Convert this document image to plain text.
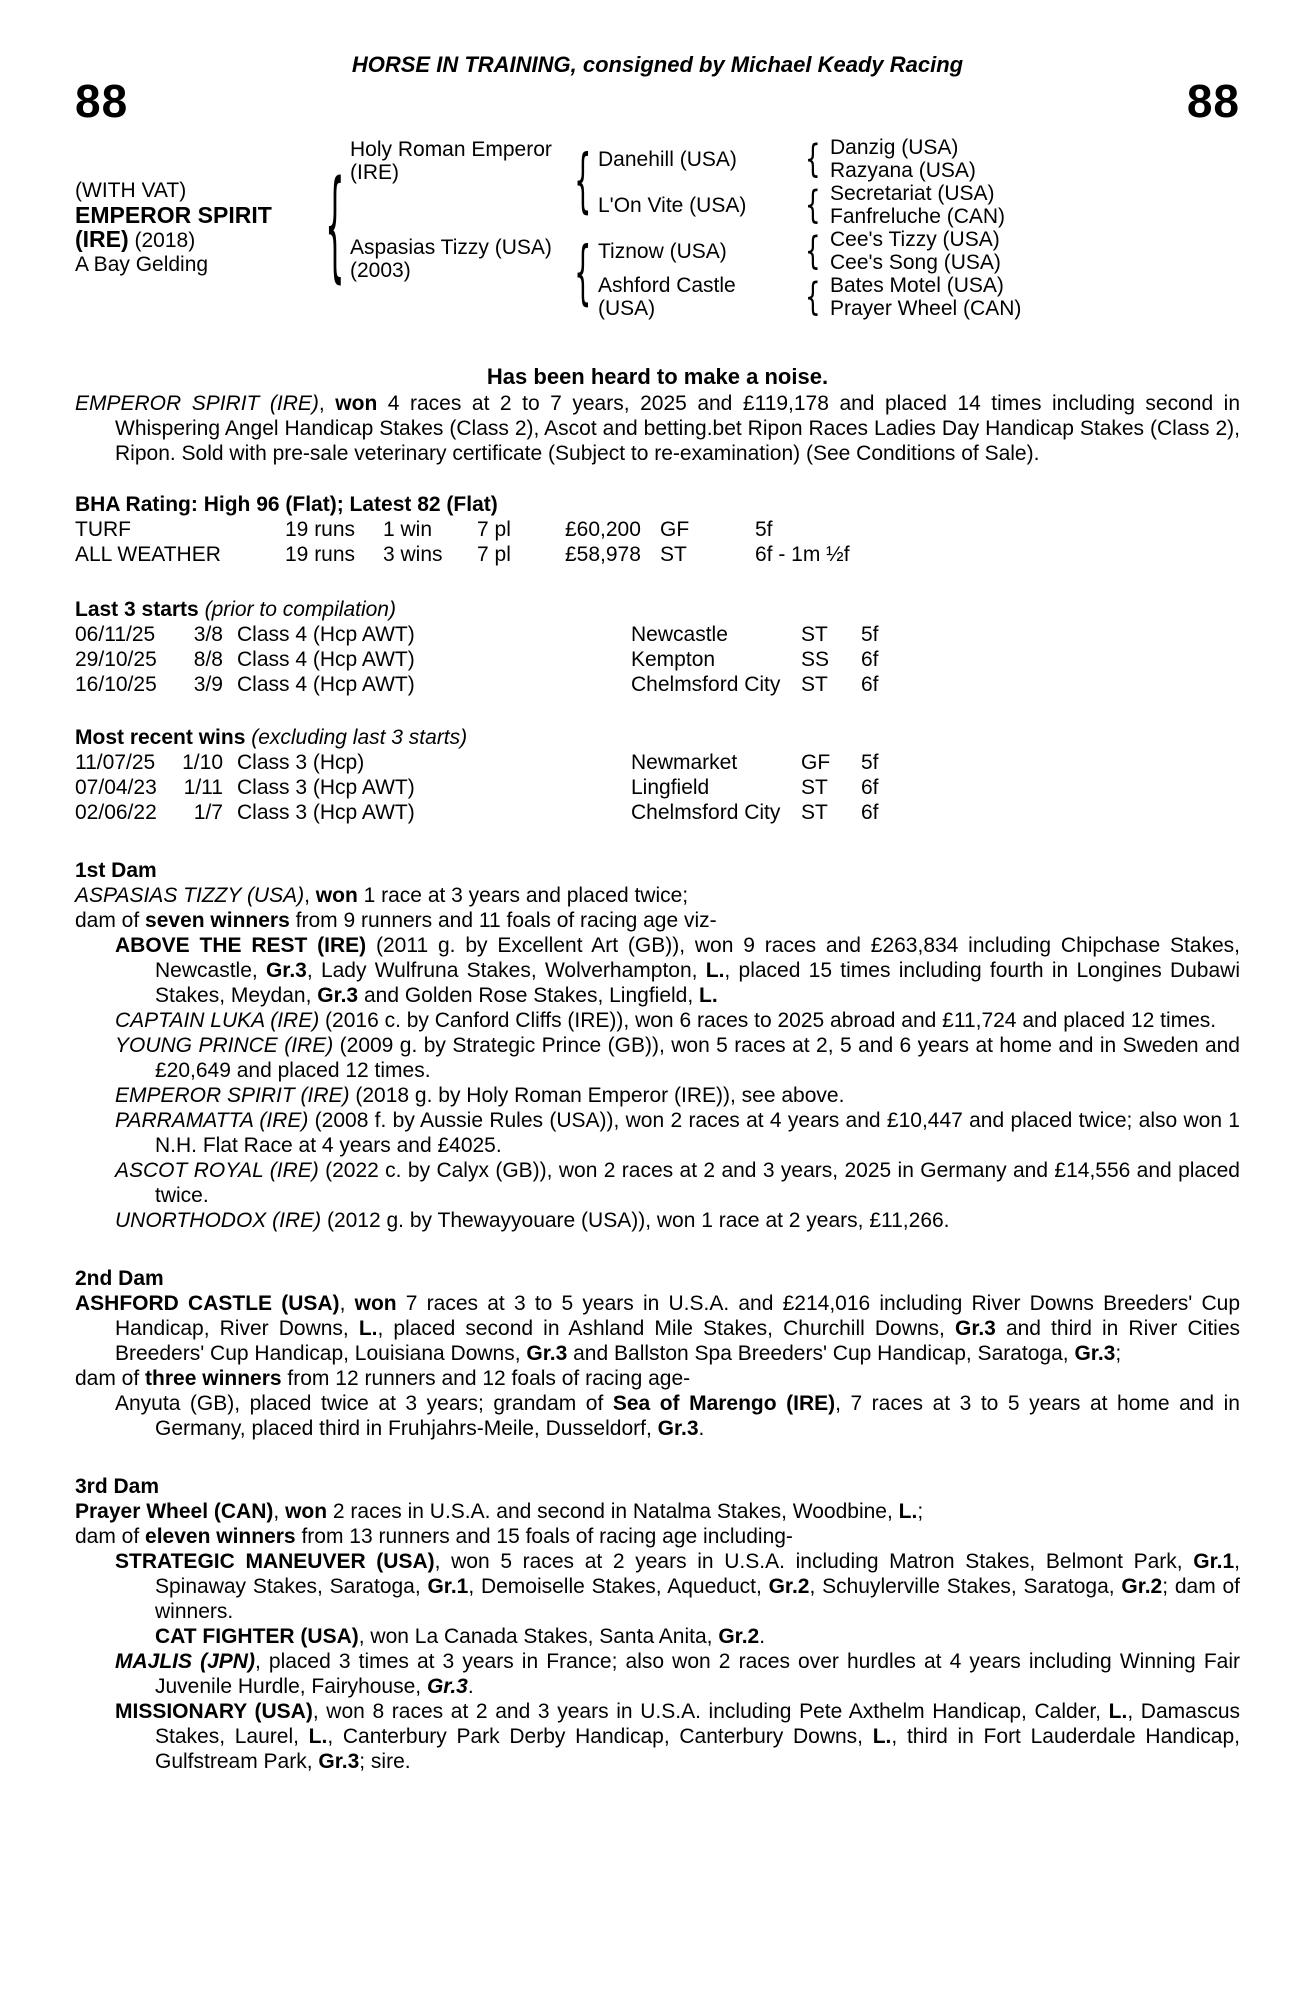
HORSE IN TRAINING, consigned by Michael Keady Racing
88	88
(WITH VAT)
EMPEROR SPIRIT
(IRE) (2018)
A Bay Gelding
{
Holy Roman Emperor (IRE)
Aspasias Tizzy (USA) (2003)
{
{
Danehill (USA)
L'On Vite (USA)
Tiznow (USA)
Ashford Castle (USA)
{
{
{
{
Danzig (USA)
Razyana (USA)
Secretariat (USA)
Fanfreluche (CAN)
Cee's Tizzy (USA)
Cee's Song (USA)
Bates Motel (USA)
Prayer Wheel (CAN)
Has been heard to make a noise.

EMPEROR SPIRIT (IRE), won 4 races at 2 to 7 years, 2025 and £119,178 and placed 14 times including second in Whispering Angel Handicap Stakes (Class 2), Ascot and betting.bet Ripon Races Ladies Day Handicap Stakes (Class 2), Ripon. Sold with pre-sale veterinary certificate (Subject to re-examination) (See Conditions of Sale).

BHA Rating: High 96 (Flat); Latest 82 (Flat)
TURF	19 runs	1 win	7 pl	£60,200 GF	5f
ALL WEATHER	19 runs	3 wins	7 pl	£58,978 ST	6f - 1m ½f
Last 3 starts (prior to compilation)
06/11/25	3/8 Class 4 (Hcp AWT)	Newcastle	ST	5f
29/10/25	8/8 Class 4 (Hcp AWT)	Kempton	SS	6f
16/10/25	3/9 Class 4 (Hcp AWT)	Chelmsford City ST	6f
Most recent wins (excluding last 3 starts)
11/07/25	1/10 Class 3 (Hcp)	Newmarket	GF	5f
07/04/23	1/11 Class 3 (Hcp AWT)	Lingfield	ST	6f
02/06/22	1/7 Class 3 (Hcp AWT)	Chelmsford City ST	6f
1st Dam

ASPASIAS TIZZY (USA), won 1 race at 3 years and placed twice;

dam of seven winners from 9 runners and 11 foals of racing age viz-

ABOVE THE REST (IRE) (2011 g. by Excellent Art (GB)), won 9 races and £263,834 including Chipchase Stakes, Newcastle, Gr.3, Lady Wulfruna Stakes, Wolverhampton, L., placed 15 times including fourth in Longines Dubawi Stakes, Meydan, Gr.3 and Golden Rose Stakes, Lingfield, L.

CAPTAIN LUKA (IRE) (2016 c. by Canford Cliffs (IRE)), won 6 races to 2025 abroad and £11,724 and placed 12 times.

YOUNG PRINCE (IRE) (2009 g. by Strategic Prince (GB)), won 5 races at 2, 5 and 6 years at home and in Sweden and £20,649 and placed 12 times.

EMPEROR SPIRIT (IRE) (2018 g. by Holy Roman Emperor (IRE)), see above.

PARRAMATTA (IRE) (2008 f. by Aussie Rules (USA)), won 2 races at 4 years and £10,447 and placed twice; also won 1 N.H. Flat Race at 4 years and £4025.

ASCOT ROYAL (IRE) (2022 c. by Calyx (GB)), won 2 races at 2 and 3 years, 2025 in Germany and £14,556 and placed twice.

UNORTHODOX (IRE) (2012 g. by Thewayyouare (USA)), won 1 race at 2 years, £11,266.

2nd Dam

ASHFORD CASTLE (USA), won 7 races at 3 to 5 years in U.S.A. and £214,016 including River Downs Breeders' Cup Handicap, River Downs, L., placed second in Ashland Mile Stakes, Churchill Downs, Gr.3 and third in River Cities Breeders' Cup Handicap, Louisiana Downs, Gr.3 and Ballston Spa Breeders' Cup Handicap, Saratoga, Gr.3;

dam of three winners from 12 runners and 12 foals of racing age-

Anyuta (GB), placed twice at 3 years; grandam of Sea of Marengo (IRE), 7 races at 3 to 5 years at home and in Germany, placed third in Fruhjahrs-Meile, Dusseldorf, Gr.3.

3rd Dam

Prayer Wheel (CAN), won 2 races in U.S.A. and second in Natalma Stakes, Woodbine, L.;

dam of eleven winners from 13 runners and 15 foals of racing age including-

STRATEGIC MANEUVER (USA), won 5 races at 2 years in U.S.A. including Matron Stakes, Belmont Park, Gr.1, Spinaway Stakes, Saratoga, Gr.1, Demoiselle Stakes, Aqueduct, Gr.2, Schuylerville Stakes, Saratoga, Gr.2; dam of winners.

CAT FIGHTER (USA), won La Canada Stakes, Santa Anita, Gr.2.

MAJLIS (JPN), placed 3 times at 3 years in France; also won 2 races over hurdles at 4 years including Winning Fair Juvenile Hurdle, Fairyhouse, Gr.3.

MISSIONARY (USA), won 8 races at 2 and 3 years in U.S.A. including Pete Axthelm Handicap, Calder, L., Damascus Stakes, Laurel, L., Canterbury Park Derby Handicap, Canterbury Downs, L., third in Fort Lauderdale Handicap, Gulfstream Park, Gr.3; sire.
